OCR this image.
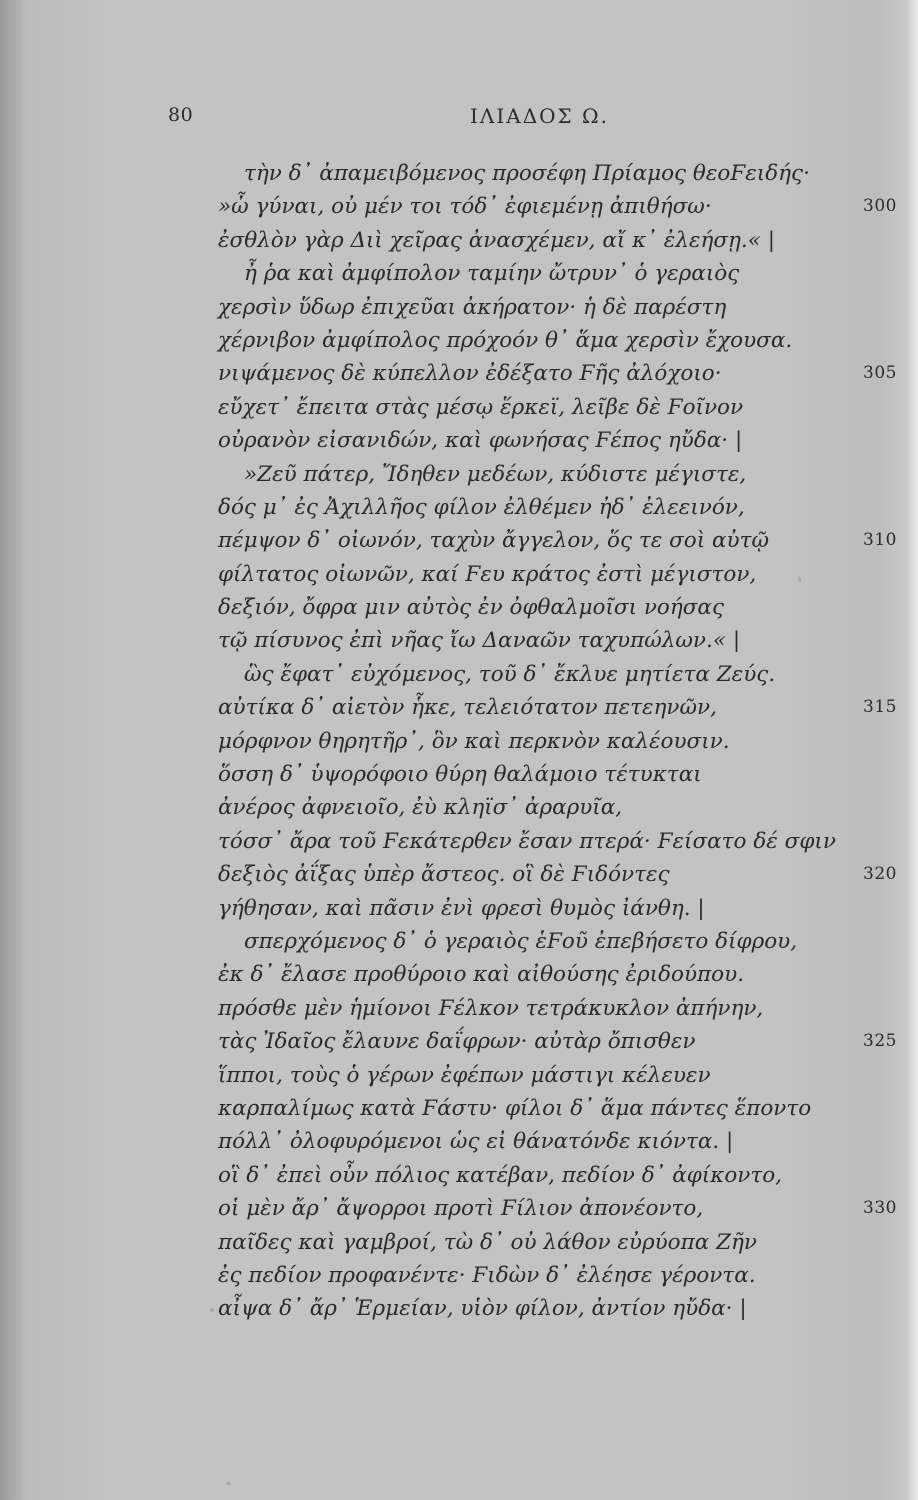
80	ΙΛΙΑΔΟΣ Ω.
τὴν δ᾽ ἀπαμειβόμενος προσέφη Πρίαμος θεοϜειδής·
»ὦ γύναι, οὐ μέν τοι τόδ᾽ ἐφιεμένῃ ἀπιθήσω·	300
ἐσθλὸν γὰρ Διὶ χεῖρας ἀνασχέμεν, αἴ κ᾽ ἐλεήσῃ.« |
ἦ ῥα καὶ ἀμφίπολον ταμίην ὤτρυν᾽ ὁ γεραιὸς
χερσὶν ὕδωρ ἐπιχεῦαι ἀκήρατον· ἡ δὲ παρέστη
χέρνιβον ἀμφίπολος πρόχοόν θ᾽ ἅμα χερσὶν ἔχουσα.
νιψάμενος δὲ κύπελλον ἐδέξατο Ϝῆς ἀλόχοιο·	305
εὔχετ᾽ ἔπειτα στὰς μέσῳ ἕρκεϊ, λεῖβε δὲ Ϝοῖνον
οὐρανὸν εἰσανιδών, καὶ φωνήσας Ϝέπος ηὔδα· |
»Ζεῦ πάτερ, Ἴδηθεν μεδέων, κύδιστε μέγιστε,
δός μ᾽ ἐς Ἀχιλλῆος φίλον ἐλθέμεν ἠδ᾽ ἐλεεινόν,
πέμψον δ᾽ οἰωνόν, ταχὺν ἄγγελον, ὅς τε σοὶ αὐτῷ	310
φίλτατος οἰωνῶν, καί Ϝευ κράτος ἐστὶ μέγιστον,
δεξιόν, ὄφρα μιν αὐτὸς ἐν ὀφθαλμοῖσι νοήσας
τῷ πίσυνος ἐπὶ νῆας ἴω Δαναῶν ταχυπώλων.« |
ὣς ἔφατ᾽ εὐχόμενος, τοῦ δ᾽ ἔκλυε μητίετα Ζεύς.
αὐτίκα δ᾽ αἰετὸν ἧκε, τελειότατον πετεηνῶν,	315
μόρφνον θηρητῆρ᾽, ὃν καὶ περκνὸν καλέουσιν.
ὅσση δ᾽ ὑψορόφοιο θύρη θαλάμοιο τέτυκται
ἀνέρος ἀφνειοῖο, ἐὺ κληϊσ᾽ ἀραρυῖα,
τόσσ᾽ ἄρα τοῦ Ϝεκάτερθεν ἔσαν πτερά· Ϝείσατο δέ σφιν
δεξιὸς ἀΐξας ὑπὲρ ἄστεος. οἳ δὲ Ϝιδόντες	320
γήθησαν, καὶ πᾶσιν ἐνὶ φρεσὶ θυμὸς ἰάνθη. |
σπερχόμενος δ᾽ ὁ γεραιὸς ἑϜοῦ ἐπεβήσετο δίφρου,
ἐκ δ᾽ ἔλασε προθύροιο καὶ αἰθούσης ἐριδούπου.
πρόσθε μὲν ἡμίονοι Ϝέλκον τετράκυκλον ἀπήνην,
τὰς Ἰδαῖος ἔλαυνε δαΐφρων· αὐτὰρ ὄπισθεν	325
ἵπποι, τοὺς ὁ γέρων ἐφέπων μάστιγι κέλευεν
καρπαλίμως κατὰ Ϝάστυ· φίλοι δ᾽ ἅμα πάντες ἕποντο
πόλλ᾽ ὀλοφυρόμενοι ὡς εἰ θάνατόνδε κιόντα. |
οἳ δ᾽ ἐπεὶ οὖν πόλιος κατέβαν, πεδίον δ᾽ ἀφίκοντο,
οἱ μὲν ἄρ᾽ ἄψορροι προτὶ Ϝίλιον ἀπονέοντο,	330
παῖδες καὶ γαμβροί, τὼ δ᾽ οὐ λάθον εὐρύοπα Ζῆν
ἐς πεδίον προφανέντε· Ϝιδὼν δ᾽ ἐλέησε γέροντα.
αἶψα δ᾽ ἄρ᾽ Ἑρμείαν, υἱὸν φίλον, ἀντίον ηὔδα· |
